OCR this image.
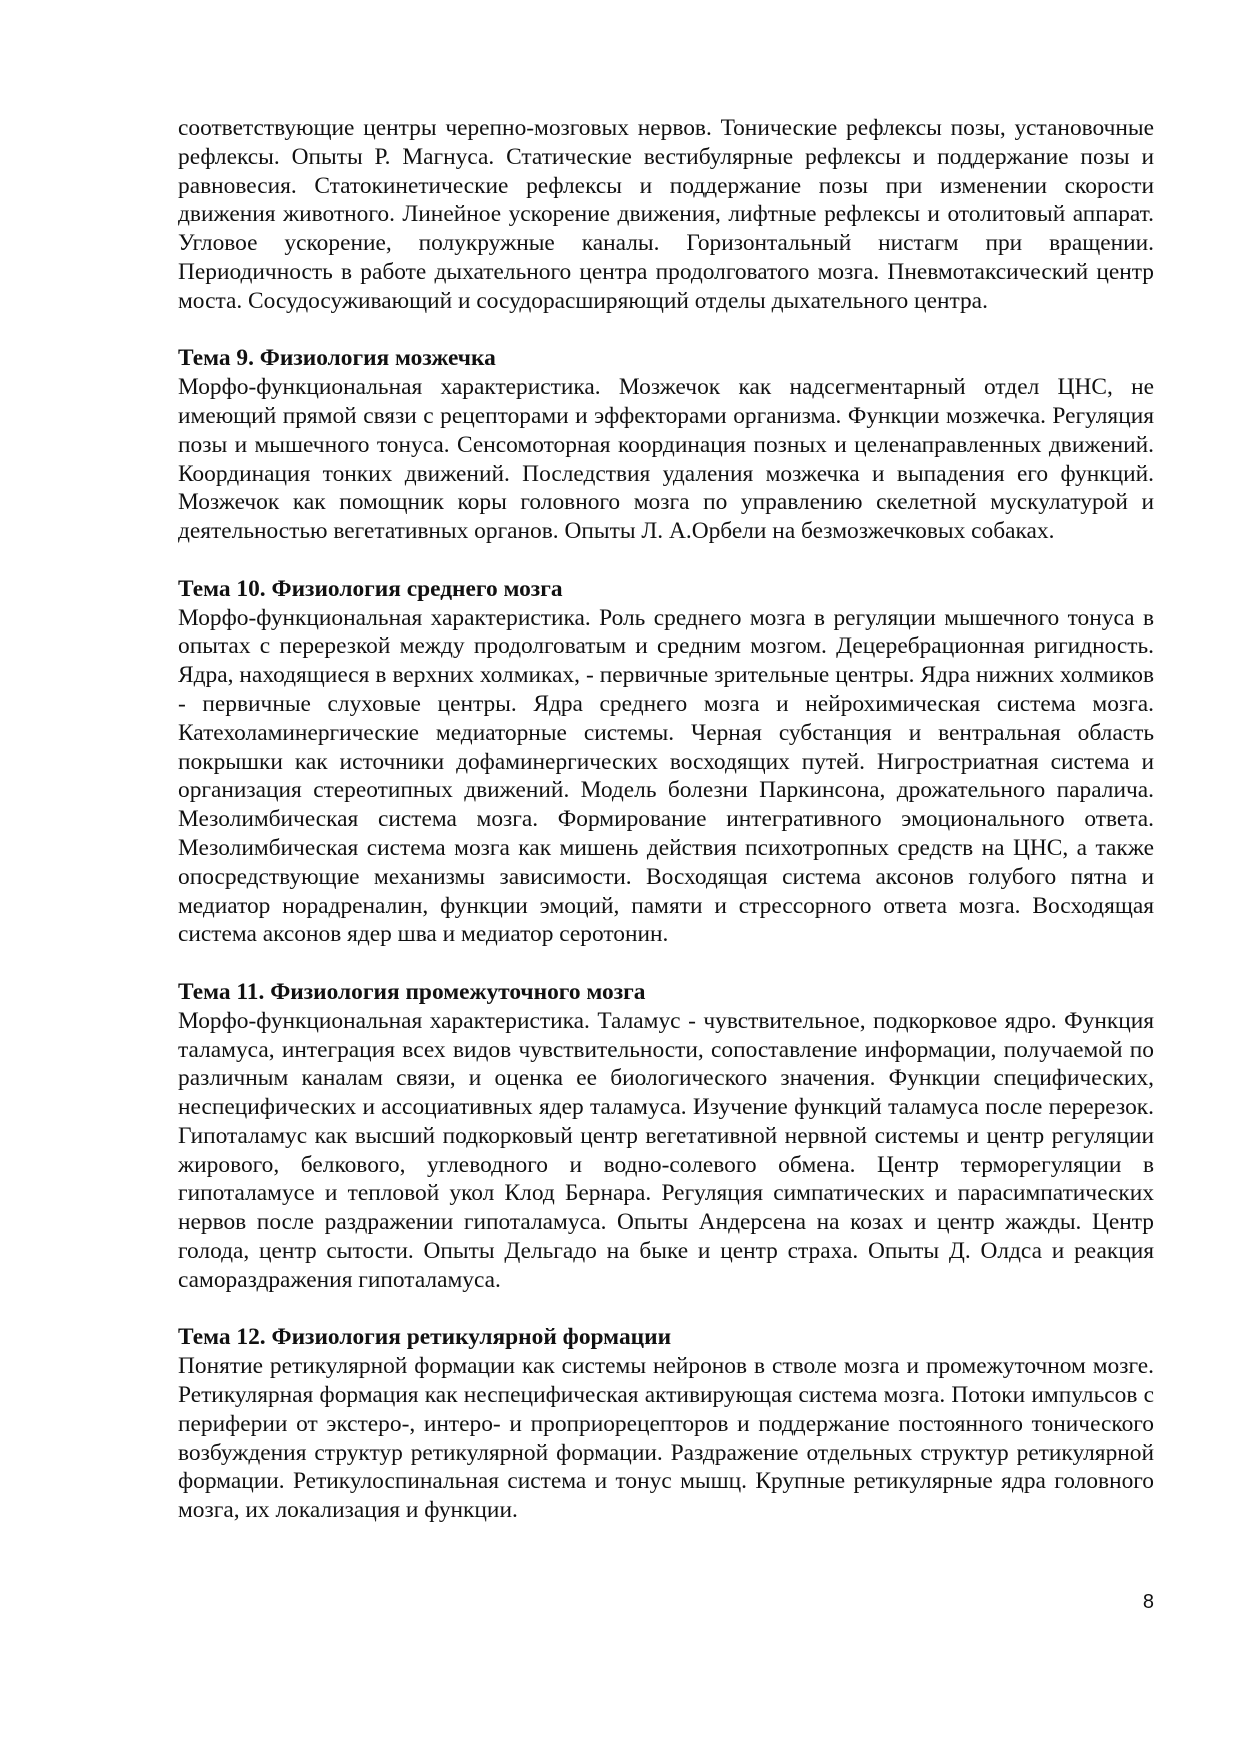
соответствующие центры черепно-мозговых нервов. Тонические рефлексы позы, установочные рефлексы. Опыты Р. Магнуса. Статические вестибулярные рефлексы и поддержание позы и равновесия. Статокинетические рефлексы и поддержание позы при изменении скорости движения животного. Линейное ускорение движения, лифтные рефлексы и отолитовый аппарат. Угловое ускорение, полукружные каналы. Горизонтальный нистагм при вращении. Периодичность в работе дыхательного центра продолговатого мозга. Пневмотаксический центр моста. Сосудосуживающий и сосудорасширяющий отделы дыхательного центра.

Тема 9. Физиология мозжечка

Морфо-функциональная характеристика. Мозжечок как надсегментарный отдел ЦНС, не имеющий прямой связи с рецепторами и эффекторами организма. Функции мозжечка. Регуляция позы и мышечного тонуса. Сенсомоторная координация позных и целенаправленных движений. Координация тонких движений. Последствия удаления мозжечка и выпадения его функций. Мозжечок как помощник коры головного мозга по управлению скелетной мускулатурой и деятельностью вегетативных органов. Опыты Л. А.Орбели на безмозжечковых собаках.

Тема 10. Физиология среднего мозга

Морфо-функциональная характеристика. Роль среднего мозга в регуляции мышечного тонуса в опытах с перерезкой между продолговатым и средним мозгом. Децеребрационная ригидность. Ядра, находящиеся в верхних холмиках, - первичные зрительные центры. Ядра нижних холмиков - первичные слуховые центры. Ядра среднего мозга и нейрохимическая система мозга. Катехоламинергические медиаторные системы. Черная субстанция и вентральная область покрышки как источники дофаминергических восходящих путей. Нигростриатная система и организация стереотипных движений. Модель болезни Паркинсона, дрожательного паралича. Мезолимбическая система мозга. Формирование интегративного эмоционального ответа. Мезолимбическая система мозга как мишень действия психотропных средств на ЦНС, а также опосредствующие механизмы зависимости. Восходящая система аксонов голубого пятна и медиатор норадреналин, функции эмоций, памяти и стрессорного ответа мозга. Восходящая система аксонов ядер шва и медиатор серотонин.

Тема 11. Физиология промежуточного мозга

Морфо-функциональная характеристика. Таламус - чувствительное, подкорковое ядро. Функция таламуса, интеграция всех видов чувствительности, сопоставление информации, получаемой по различным каналам связи, и оценка ее биологического значения. Функции специфических, неспецифических и ассоциативных ядер таламуса. Изучение функций таламуса после перерезок. Гипоталамус как высший подкорковый центр вегетативной нервной системы и центр регуляции жирового, белкового, углеводного и водно-солевого обмена. Центр терморегуляции в гипоталамусе и тепловой укол Клод Бернара. Регуляция симпатических и парасимпатических нервов после раздражении гипоталамуса. Опыты Андерсена на козах и центр жажды. Центр голода, центр сытости. Опыты Дельгадо на быке и центр страха. Опыты Д. Олдса и реакция самораздражения гипоталамуса.

Тема 12. Физиология ретикулярной формации

Понятие ретикулярной формации как системы нейронов в стволе мозга и промежуточном мозге. Ретикулярная формация как неспецифическая активирующая система мозга. Потоки импульсов с периферии от экстеро-, интеро- и проприорецепторов и поддержание постоянного тонического возбуждения структур ретикулярной формации. Раздражение отдельных структур ретикулярной формации. Ретикулоспинальная система и тонус мышц. Крупные ретикулярные ядра головного мозга, их локализация и функции.

8
